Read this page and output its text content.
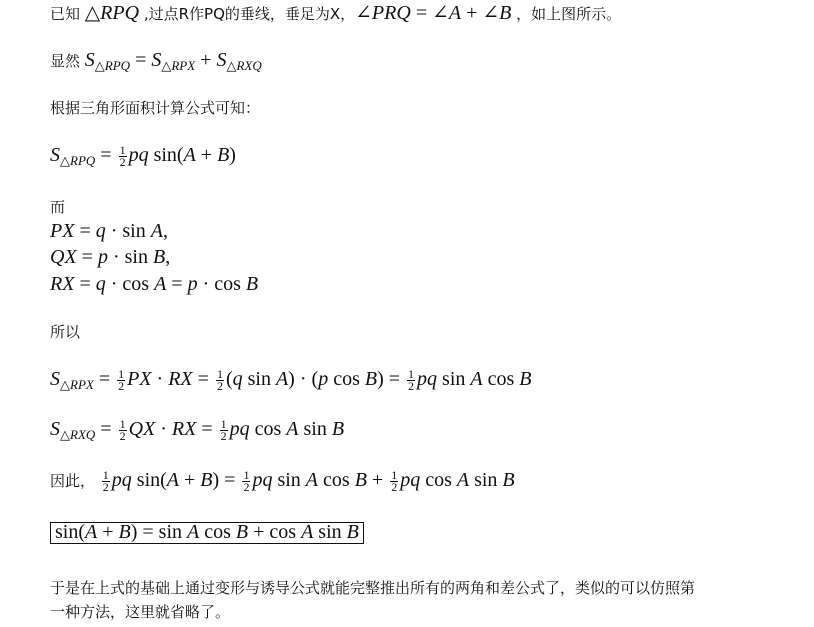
已知 △RPQ ,过点R作PQ的垂线，垂足为X，∠PRQ = ∠A + ∠B ，如上图所示。
显然 $S_{\triangle RPQ} = S_{\triangle RPX} + S_{\triangle RXQ}$
根据三角形面积计算公式可知：
$S_{\triangle RPQ} = \frac{1}{2}$ pq sin(A + B)
而
PX = q · sin A,
QX = p · sin B,
RX = q · cos A = p · cos B
所以
$S_{\triangle RPX} = \frac{1}{2}$ PX · RX = $\frac{1}{2} (q$ sin A) · (p $\cos B) = \frac{1}{2}$ pq sin A cos B
$S_{\triangle RXQ} = \frac{1}{2}$ QX · RX = $\frac{1}{2}$ pq cos A sin B
因此， $\frac{1}{2}$ pq $\sin(A + B) = \frac{1}{2}$ pq sin A $\cos B + \frac{1}{2}$ pq cos A sin B
sin(A + B) = sin A cos B + cos A sin B
于是在上式的基础上通过变形与诱导公式就能完整推出所有的两角和差公式了，类似的可以仿照第
一种方法，这里就省略了。
